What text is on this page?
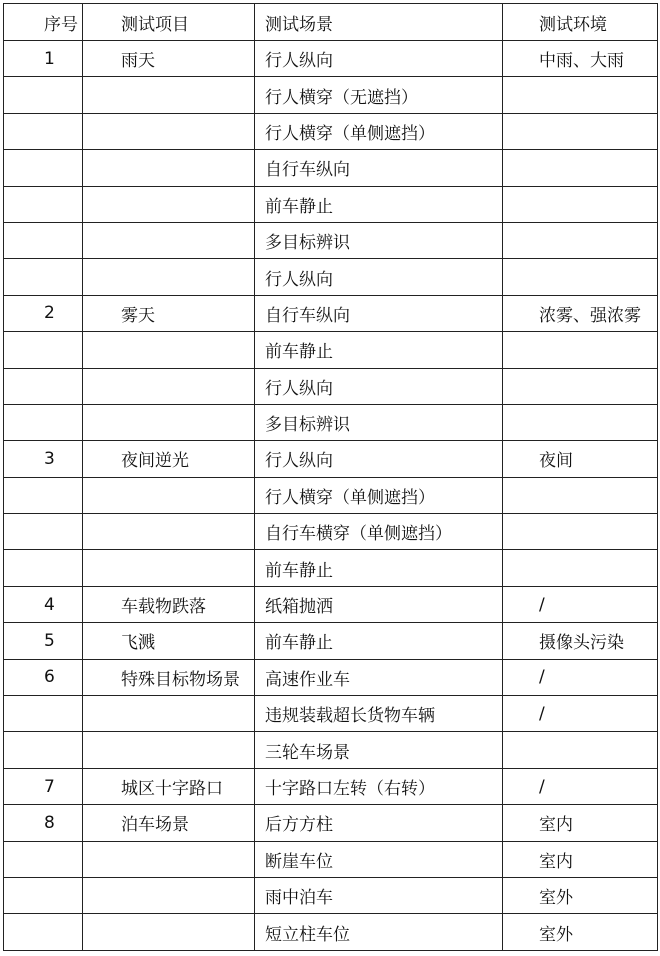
序号	测试项目	测试场景	测试环境
1	雨天	行人纵向	中雨、大雨
		行人横穿（无遮挡）	
		行人横穿（单侧遮挡）	
		自行车纵向	
		前车静止	
		多目标辨识	
		行人纵向	
2	雾天	自行车纵向	浓雾、强浓雾
		前车静止	
		行人纵向	
		多目标辨识	
3	夜间逆光	行人纵向	夜间
		行人横穿（单侧遮挡）	
		自行车横穿（单侧遮挡）	
		前车静止	
4	车载物跌落	纸箱抛洒	/
5	飞溅	前车静止	摄像头污染
6	特殊目标物场景	高速作业车	/
		违规装载超长货物车辆	/
		三轮车场景	
7	城区十字路口	十字路口左转（右转）	/
8	泊车场景	后方方柱	室内
		断崖车位	室内
		雨中泊车	室外
		短立柱车位	室外
